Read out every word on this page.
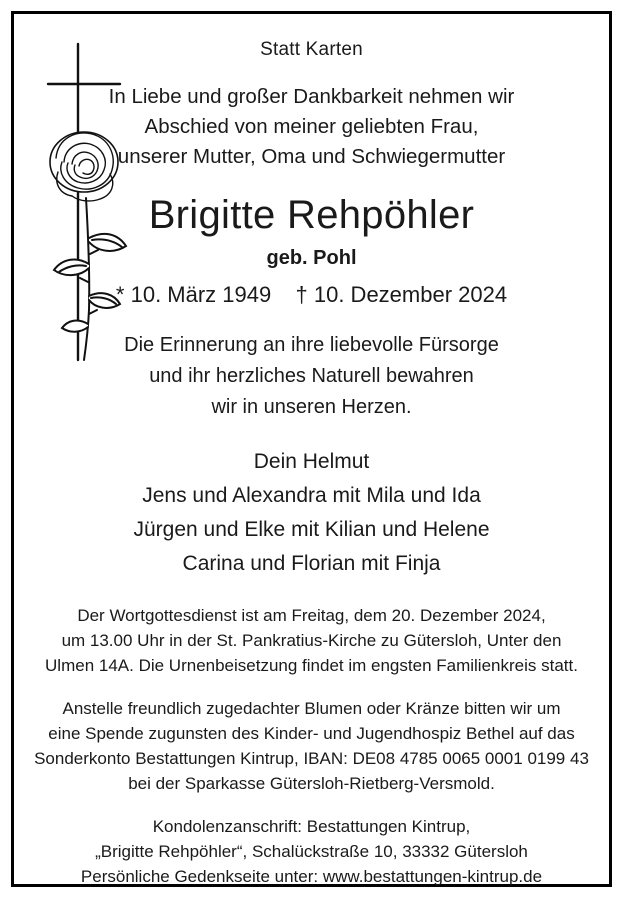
Statt Karten
In Liebe und großer Dankbarkeit nehmen wir
Abschied von meiner geliebten Frau,
unserer Mutter, Oma und Schwiegermutter
Brigitte Rehpöhler
geb. Pohl
* 10. März 1949 † 10. Dezember 2024
Die Erinnerung an ihre liebevolle Fürsorge
und ihr herzliches Naturell bewahren
wir in unseren Herzen.
Dein Helmut
Jens und Alexandra mit Mila und Ida
Jürgen und Elke mit Kilian und Helene
Carina und Florian mit Finja
Der Wortgottesdienst ist am Freitag, dem 20. Dezember 2024,
um 13.00 Uhr in der St. Pankratius-Kirche zu Gütersloh, Unter den
Ulmen 14A. Die Urnenbeisetzung findet im engsten Familienkreis statt.
Anstelle freundlich zugedachter Blumen oder Kränze bitten wir um
eine Spende zugunsten des Kinder- und Jugendhospiz Bethel auf das
Sonderkonto Bestattungen Kintrup, IBAN: DE08 4785 0065 0001 0199 43
bei der Sparkasse Gütersloh-Rietberg-Versmold.
Kondolenzanschrift: Bestattungen Kintrup,
„Brigitte Rehpöhler“, Schalückstraße 10, 33332 Gütersloh
Persönliche Gedenkseite unter: www.bestattungen-kintrup.de
